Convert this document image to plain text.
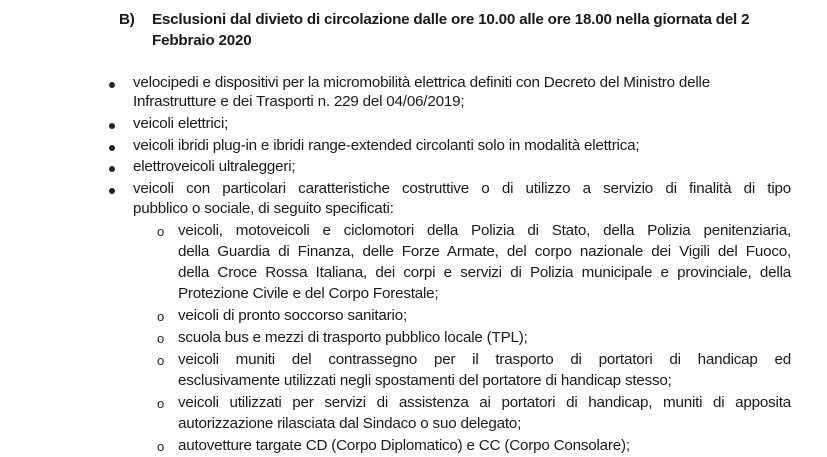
B) Esclusioni dal divieto di circolazione dalle ore 10.00 alle ore 18.00 nella giornata del 2
Febbraio 2020
velocipedi e dispositivi per la micromobilità elettrica definiti con Decreto del Ministro delle
Infrastrutture e dei Trasporti n. 229 del 04/06/2019;
veicoli elettrici;
veicoli ibridi plug-in e ibridi range-extended circolanti solo in modalità elettrica;
elettroveicoli ultraleggeri;
veicoli con particolari caratteristiche costruttive o di utilizzo a servizio di finalità di tipo
pubblico o sociale, di seguito specificati:
o veicoli, motoveicoli e ciclomotori della Polizia di Stato, della Polizia penitenziaria,
della Guardia di Finanza, delle Forze Armate, del corpo nazionale dei Vigili del Fuoco,
della Croce Rossa Italiana, dei corpi e servizi di Polizia municipale e provinciale, della
Protezione Civile e del Corpo Forestale;
o veicoli di pronto soccorso sanitario;
o scuola bus e mezzi di trasporto pubblico locale (TPL);
o veicoli muniti del contrassegno per il trasporto di portatori di handicap ed
esclusivamente utilizzati negli spostamenti del portatore di handicap stesso;
o veicoli utilizzati per servizi di assistenza ai portatori di handicap, muniti di apposita
autorizzazione rilasciata dal Sindaco o suo delegato;
o autovetture targate CD (Corpo Diplomatico) e CC (Corpo Consolare);
